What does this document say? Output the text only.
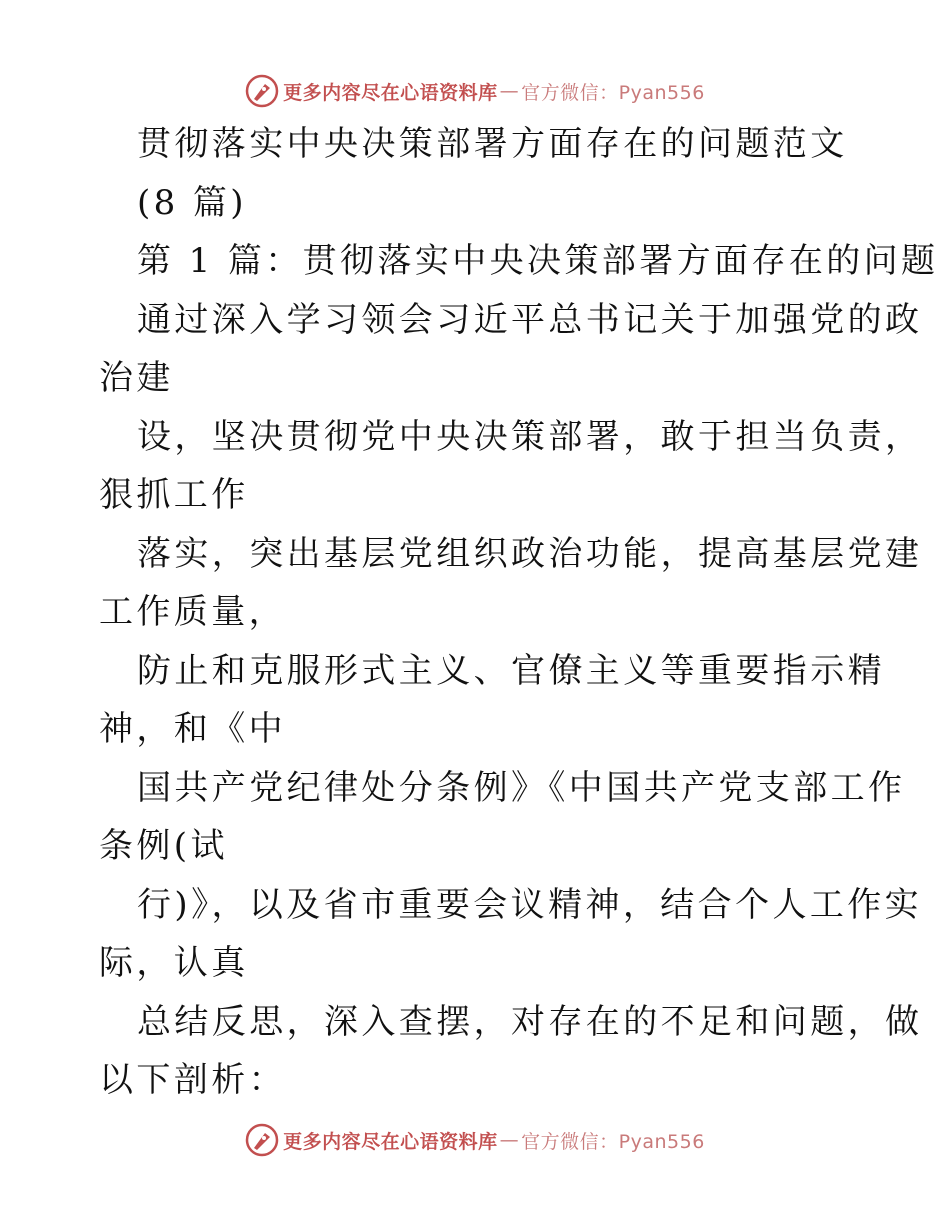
更多内容尽在心语资料库 — 官方微信：Pyan556
贯彻落实中央决策部署方面存在的问题范文
(8 篇)
第 1 篇：贯彻落实中央决策部署方面存在的问题
通过深入学习领会习近平总书记关于加强党的政
治建
设，坚决贯彻党中央决策部署，敢于担当负责，
狠抓工作
落实，突出基层党组织政治功能，提高基层党建
工作质量，
防止和克服形式主义、官僚主义等重要指示精
神，和《中
国共产党纪律处分条例》《中国共产党支部工作
条例(试
行)》，以及省市重要会议精神，结合个人工作实
际，认真
总结反思，深入查摆，对存在的不足和问题，做
以下剖析：
更多内容尽在心语资料库 — 官方微信：Pyan556
